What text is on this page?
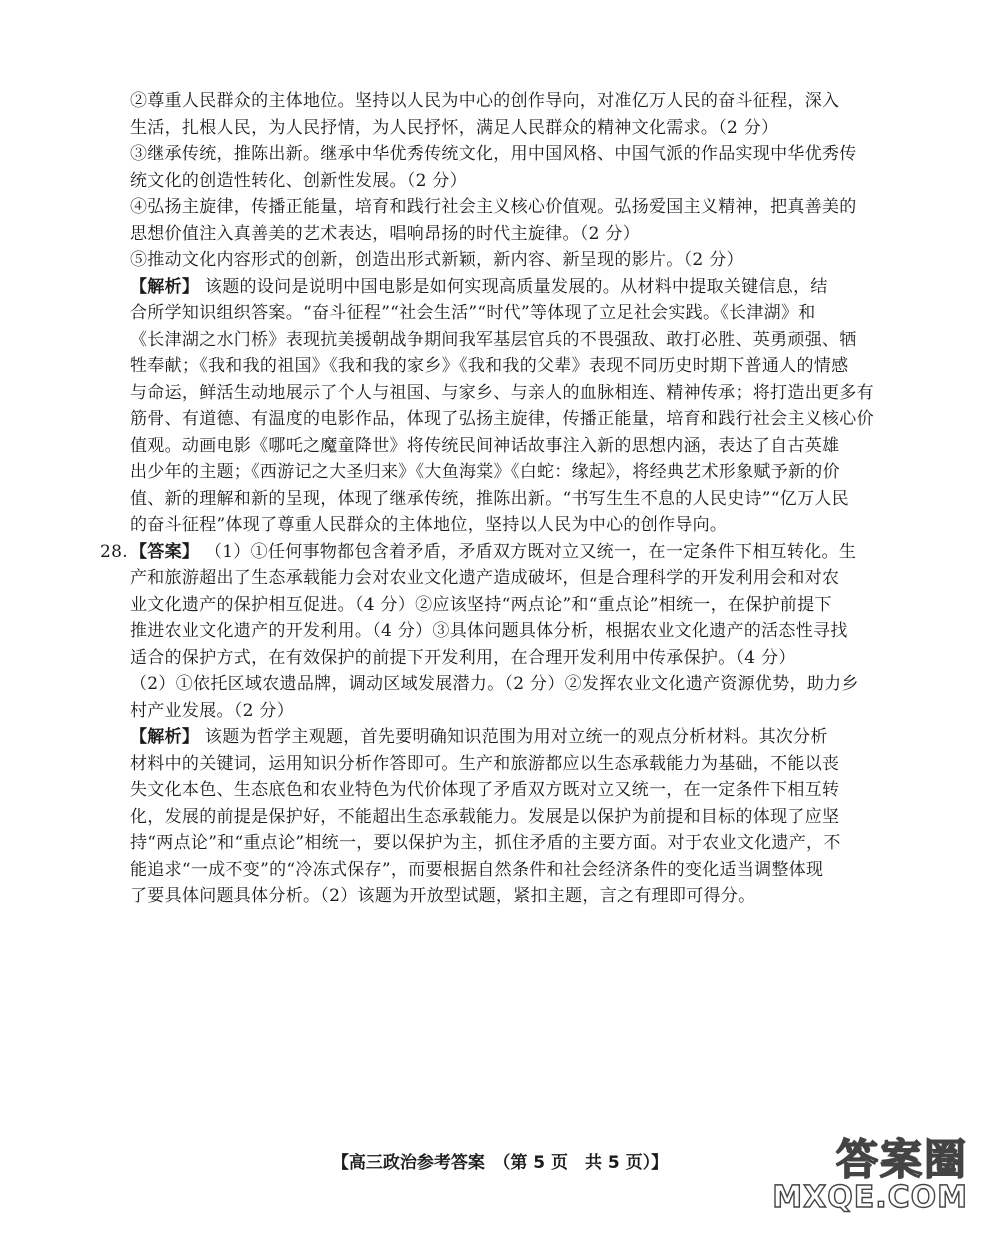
②尊重人民群众的主体地位。坚持以人民为中心的创作导向，对准亿万人民的奋斗征程，深入
生活，扎根人民，为人民抒情，为人民抒怀，满足人民群众的精神文化需求。（2 分）
③继承传统，推陈出新。继承中华优秀传统文化，用中国风格、中国气派的作品实现中华优秀传
统文化的创造性转化、创新性发展。（2 分）
④弘扬主旋律，传播正能量，培育和践行社会主义核心价值观。弘扬爱国主义精神，把真善美的
思想价值注入真善美的艺术表达，唱响昂扬的时代主旋律。（2 分）
⑤推动文化内容形式的创新，创造出形式新颖，新内容、新呈现的影片。（2 分）
【解析】 该题的设问是说明中国电影是如何实现高质量发展的。从材料中提取关键信息，结
合所学知识组织答案。“奋斗征程”“社会生活”“时代”等体现了立足社会实践。《长津湖》和
《长津湖之水门桥》表现抗美援朝战争期间我军基层官兵的不畏强敌、敢打必胜、英勇顽强、牺
牲奉献；《我和我的祖国》《我和我的家乡》《我和我的父辈》表现不同历史时期下普通人的情感
与命运，鲜活生动地展示了个人与祖国、与家乡、与亲人的血脉相连、精神传承；将打造出更多有
筋骨、有道德、有温度的电影作品，体现了弘扬主旋律，传播正能量，培育和践行社会主义核心价
值观。动画电影《哪吒之魔童降世》将传统民间神话故事注入新的思想内涵，表达了自古英雄
出少年的主题；《西游记之大圣归来》《大鱼海棠》《白蛇：缘起》，将经典艺术形象赋予新的价
值、新的理解和新的呈现，体现了继承传统，推陈出新。“书写生生不息的人民史诗”“亿万人民
的奋斗征程”体现了尊重人民群众的主体地位，坚持以人民为中心的创作导向。
28. 【答案】 （1）①任何事物都包含着矛盾，矛盾双方既对立又统一，在一定条件下相互转化。生
产和旅游超出了生态承载能力会对农业文化遗产造成破坏，但是合理科学的开发利用会和对农
业文化遗产的保护相互促进。（4 分）②应该坚持“两点论”和“重点论”相统一，在保护前提下
推进农业文化遗产的开发利用。（4 分）③具体问题具体分析，根据农业文化遗产的活态性寻找
适合的保护方式，在有效保护的前提下开发利用，在合理开发利用中传承保护。（4 分）
（2）①依托区域农遗品牌，调动区域发展潜力。（2 分）②发挥农业文化遗产资源优势，助力乡
村产业发展。（2 分）
【解析】 该题为哲学主观题，首先要明确知识范围为用对立统一的观点分析材料。其次分析
材料中的关键词，运用知识分析作答即可。生产和旅游都应以生态承载能力为基础，不能以丧
失文化本色、生态底色和农业特色为代价体现了矛盾双方既对立又统一，在一定条件下相互转
化，发展的前提是保护好，不能超出生态承载能力。发展是以保护为前提和目标的体现了应坚
持“两点论”和“重点论”相统一，要以保护为主，抓住矛盾的主要方面。对于农业文化遗产，不
能追求“一成不变”的“冷冻式保存”，而要根据自然条件和社会经济条件的变化适当调整体现
了要具体问题具体分析。（2）该题为开放型试题，紧扣主题，言之有理即可得分。
【高三政治参考答案　（第 5 页　共 5 页）】	答案圈
MXQE.COM
